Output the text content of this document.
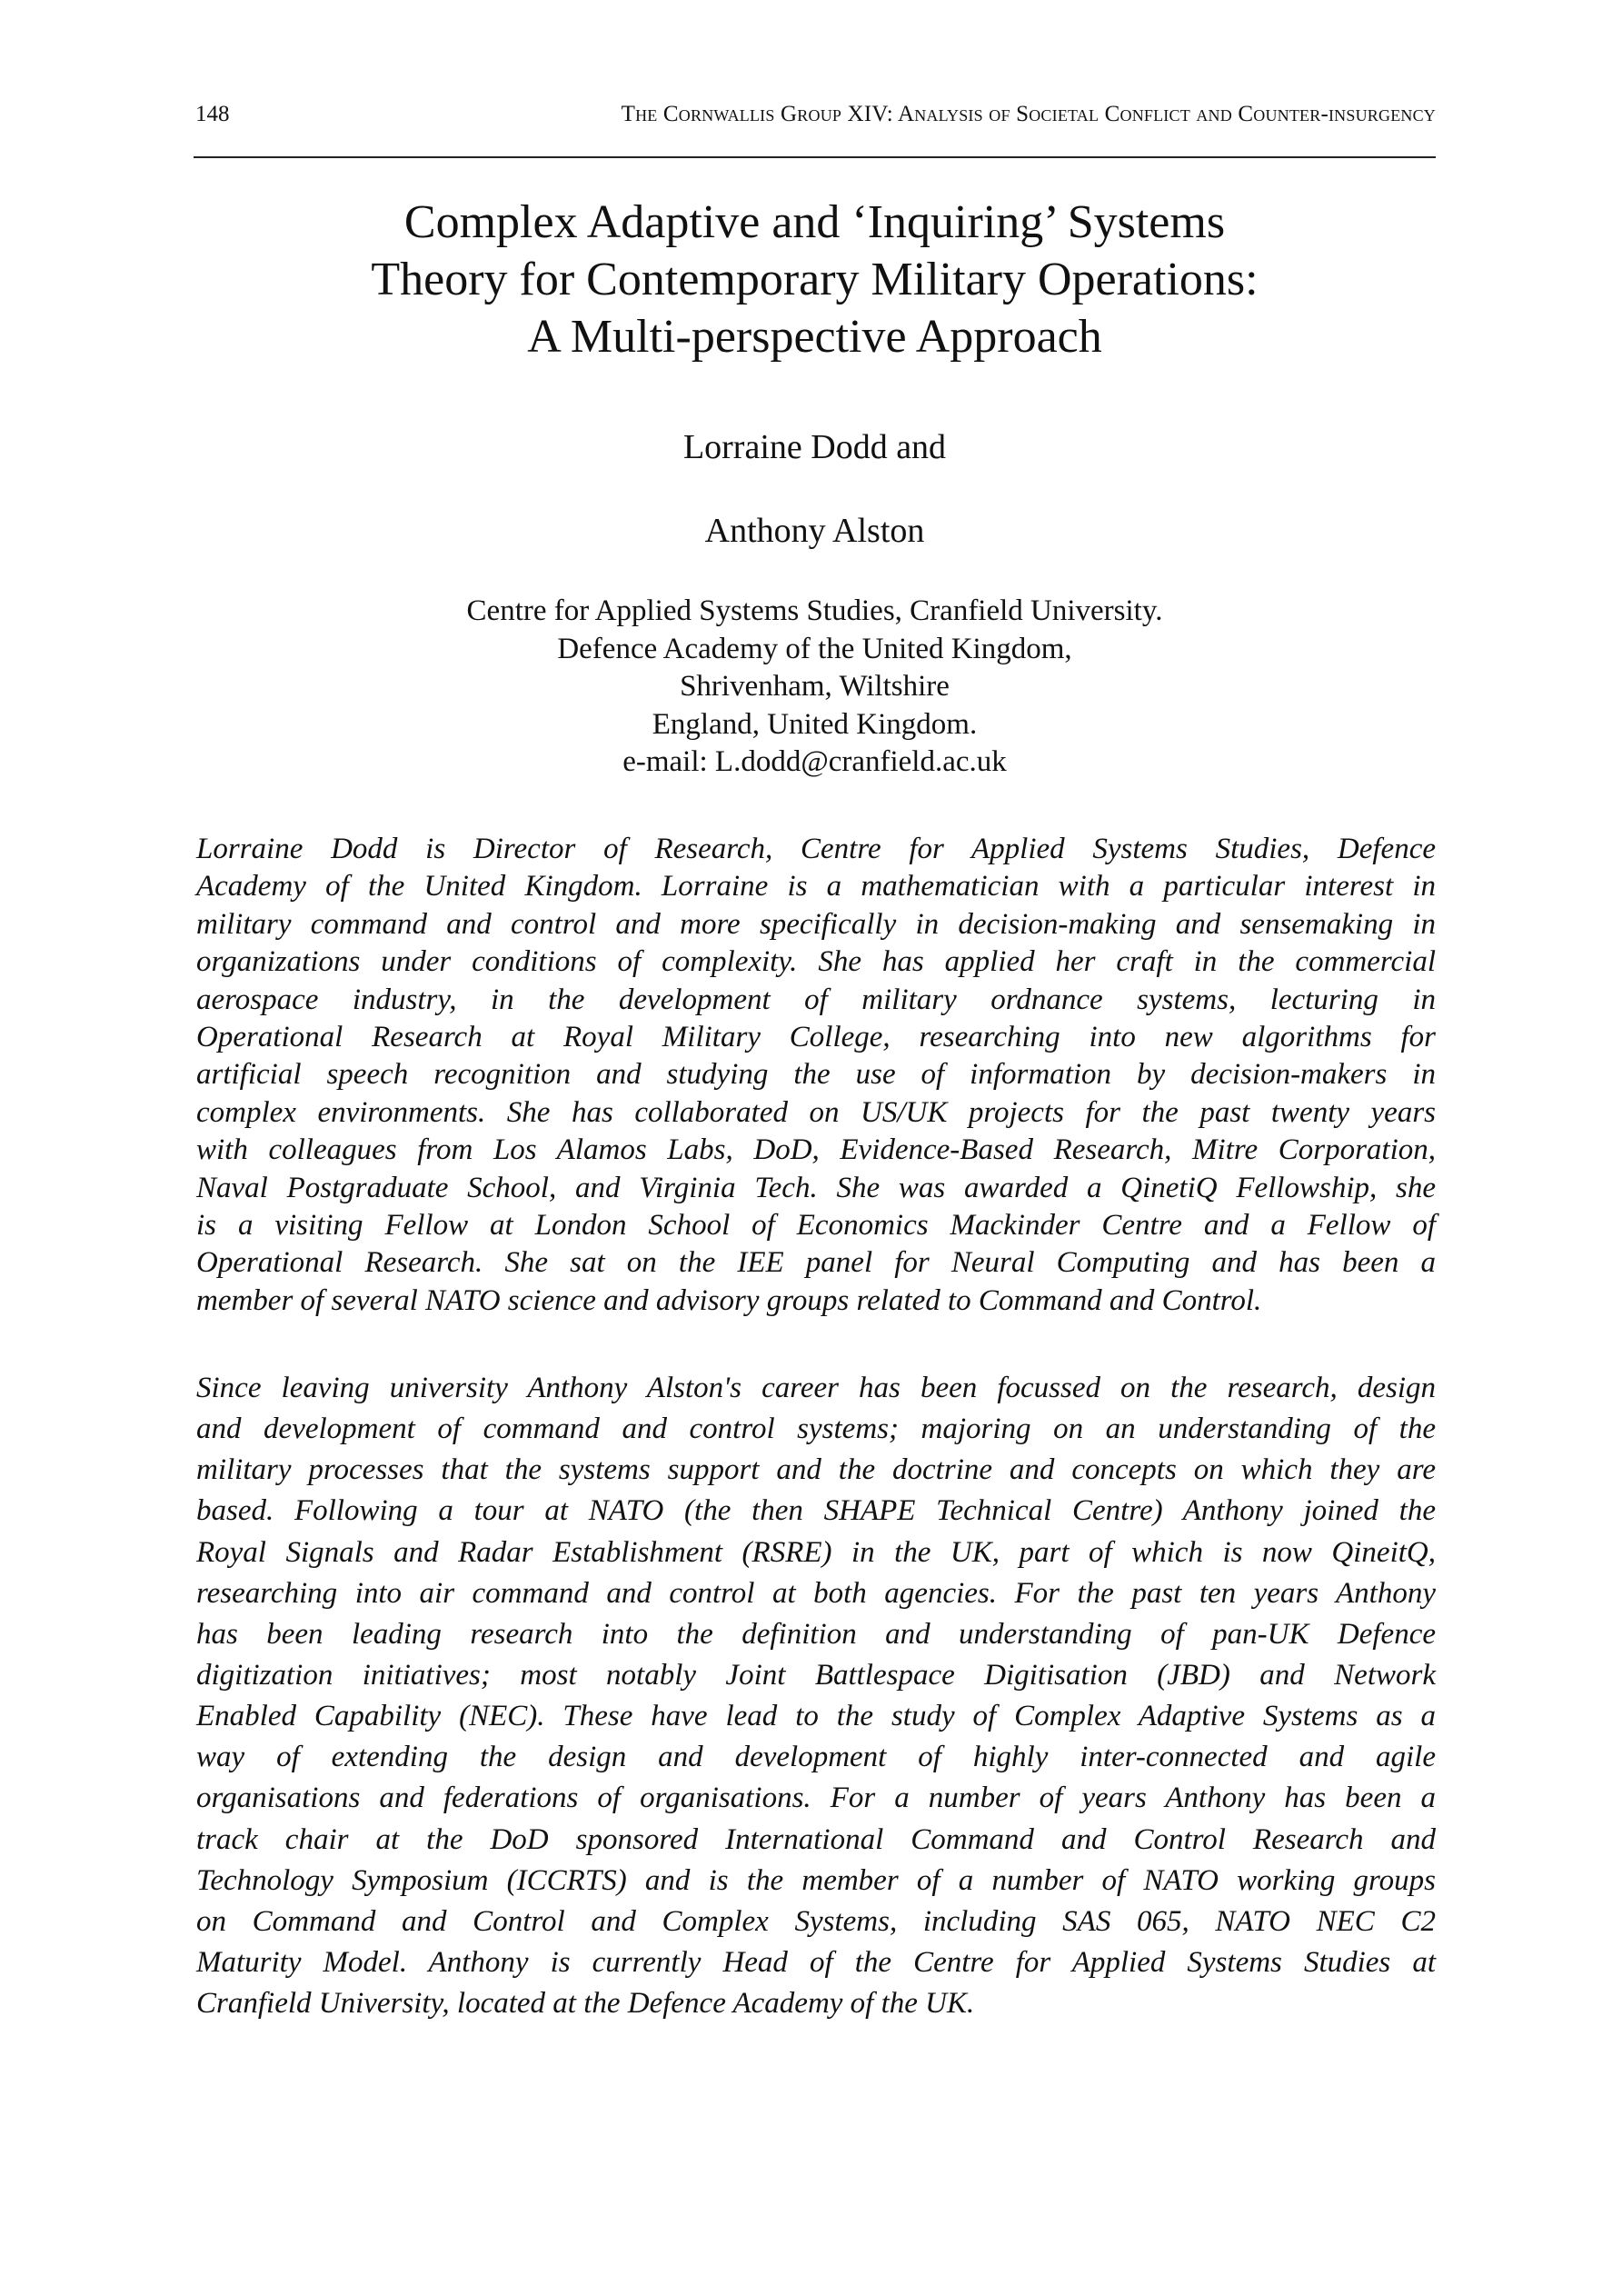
148	The Cornwallis Group XIV: Analysis of Societal Conflict and Counter-insurgency
Complex Adaptive and ‘Inquiring’ Systems
Theory for Contemporary Military Operations:
A Multi-perspective Approach
Lorraine Dodd and
Anthony Alston
Centre for Applied Systems Studies, Cranfield University.
Defence Academy of the United Kingdom,
Shrivenham, Wiltshire
England, United Kingdom.
e-mail: L.dodd@cranfield.ac.uk
Lorraine Dodd is Director of Research, Centre for Applied Systems Studies, Defence
Academy of the United Kingdom. Lorraine is a mathematician with a particular interest in
military command and control and more specifically in decision-making and sensemaking in
organizations under conditions of complexity. She has applied her craft in the commercial
aerospace industry, in the development of military ordnance systems, lecturing in
Operational Research at Royal Military College, researching into new algorithms for
artificial speech recognition and studying the use of information by decision-makers in
complex environments. She has collaborated on US/UK projects for the past twenty years
with colleagues from Los Alamos Labs, DoD, Evidence-Based Research, Mitre Corporation,
Naval Postgraduate School, and Virginia Tech. She was awarded a QinetiQ Fellowship, she
is a visiting Fellow at London School of Economics Mackinder Centre and a Fellow of
Operational Research. She sat on the IEE panel for Neural Computing and has been a
member of several NATO science and advisory groups related to Command and Control.
Since leaving university Anthony Alston's career has been focussed on the research, design
and development of command and control systems; majoring on an understanding of the
military processes that the systems support and the doctrine and concepts on which they are
based. Following a tour at NATO (the then SHAPE Technical Centre) Anthony joined the
Royal Signals and Radar Establishment (RSRE) in the UK, part of which is now QineitQ,
researching into air command and control at both agencies. For the past ten years Anthony
has been leading research into the definition and understanding of pan-UK Defence
digitization initiatives; most notably Joint Battlespace Digitisation (JBD) and Network
Enabled Capability (NEC). These have lead to the study of Complex Adaptive Systems as a
way of extending the design and development of highly inter-connected and agile
organisations and federations of organisations. For a number of years Anthony has been a
track chair at the DoD sponsored International Command and Control Research and
Technology Symposium (ICCRTS) and is the member of a number of NATO working groups
on Command and Control and Complex Systems, including SAS 065, NATO NEC C2
Maturity Model. Anthony is currently Head of the Centre for Applied Systems Studies at
Cranfield University, located at the Defence Academy of the UK.
